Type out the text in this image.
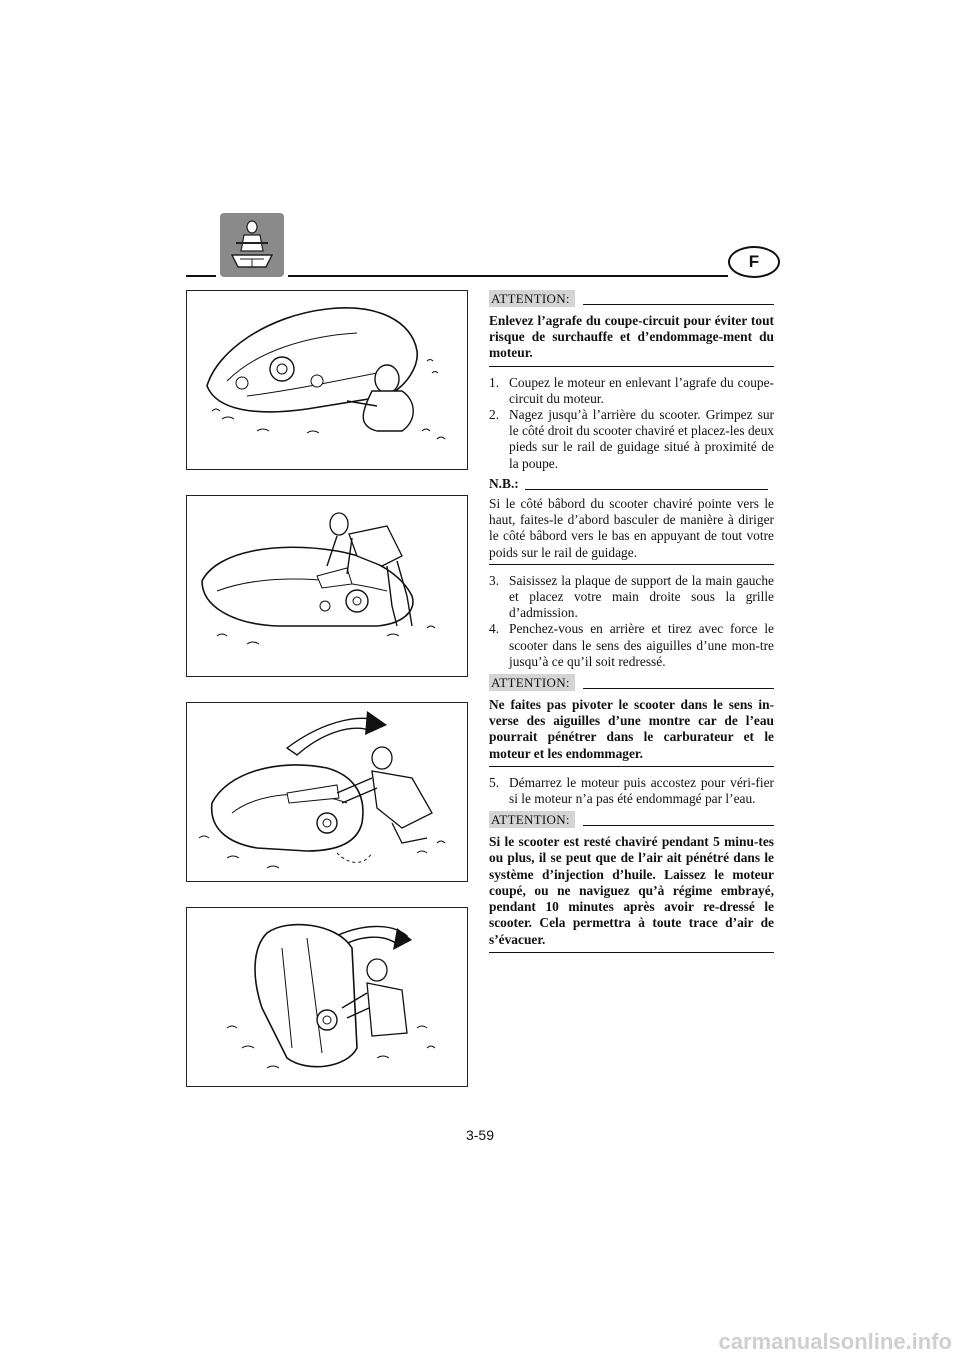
F
ATTENTION:
Enlevez l’agrafe du coupe-circuit pour éviter tout risque de surchauffe et d’endommage-ment du moteur.
1. Coupez le moteur en enlevant l’agrafe du coupe-circuit du moteur.
2. Nagez jusqu’à l’arrière du scooter. Grimpez sur le côté droit du scooter chaviré et placez-les deux pieds sur le rail de guidage situé à proximité de la poupe.
N.B.:
Si le côté bâbord du scooter chaviré pointe vers le haut, faites-le d’abord basculer de manière à diriger le côté bâbord vers le bas en appuyant de tout votre poids sur le rail de guidage.
3. Saisissez la plaque de support de la main gauche et placez votre main droite sous la grille d’admission.
4. Penchez-vous en arrière et tirez avec force le scooter dans le sens des aiguilles d’une mon-tre jusqu’à ce qu’il soit redressé.
ATTENTION:
Ne faites pas pivoter le scooter dans le sens in-verse des aiguilles d’une montre car de l’eau pourrait pénétrer dans le carburateur et le moteur et les endommager.
5. Démarrez le moteur puis accostez pour véri-fier si le moteur n’a pas été endommagé par l’eau.
ATTENTION:
Si le scooter est resté chaviré pendant 5 minu-tes ou plus, il se peut que de l’air ait pénétré dans le système d’injection d’huile. Laissez le moteur coupé, ou ne naviguez qu’à régime embrayé, pendant 10 minutes après avoir re-dressé le scooter. Cela permettra à toute trace d’air de s’évacuer.
3-59
carmanualsonline.info
